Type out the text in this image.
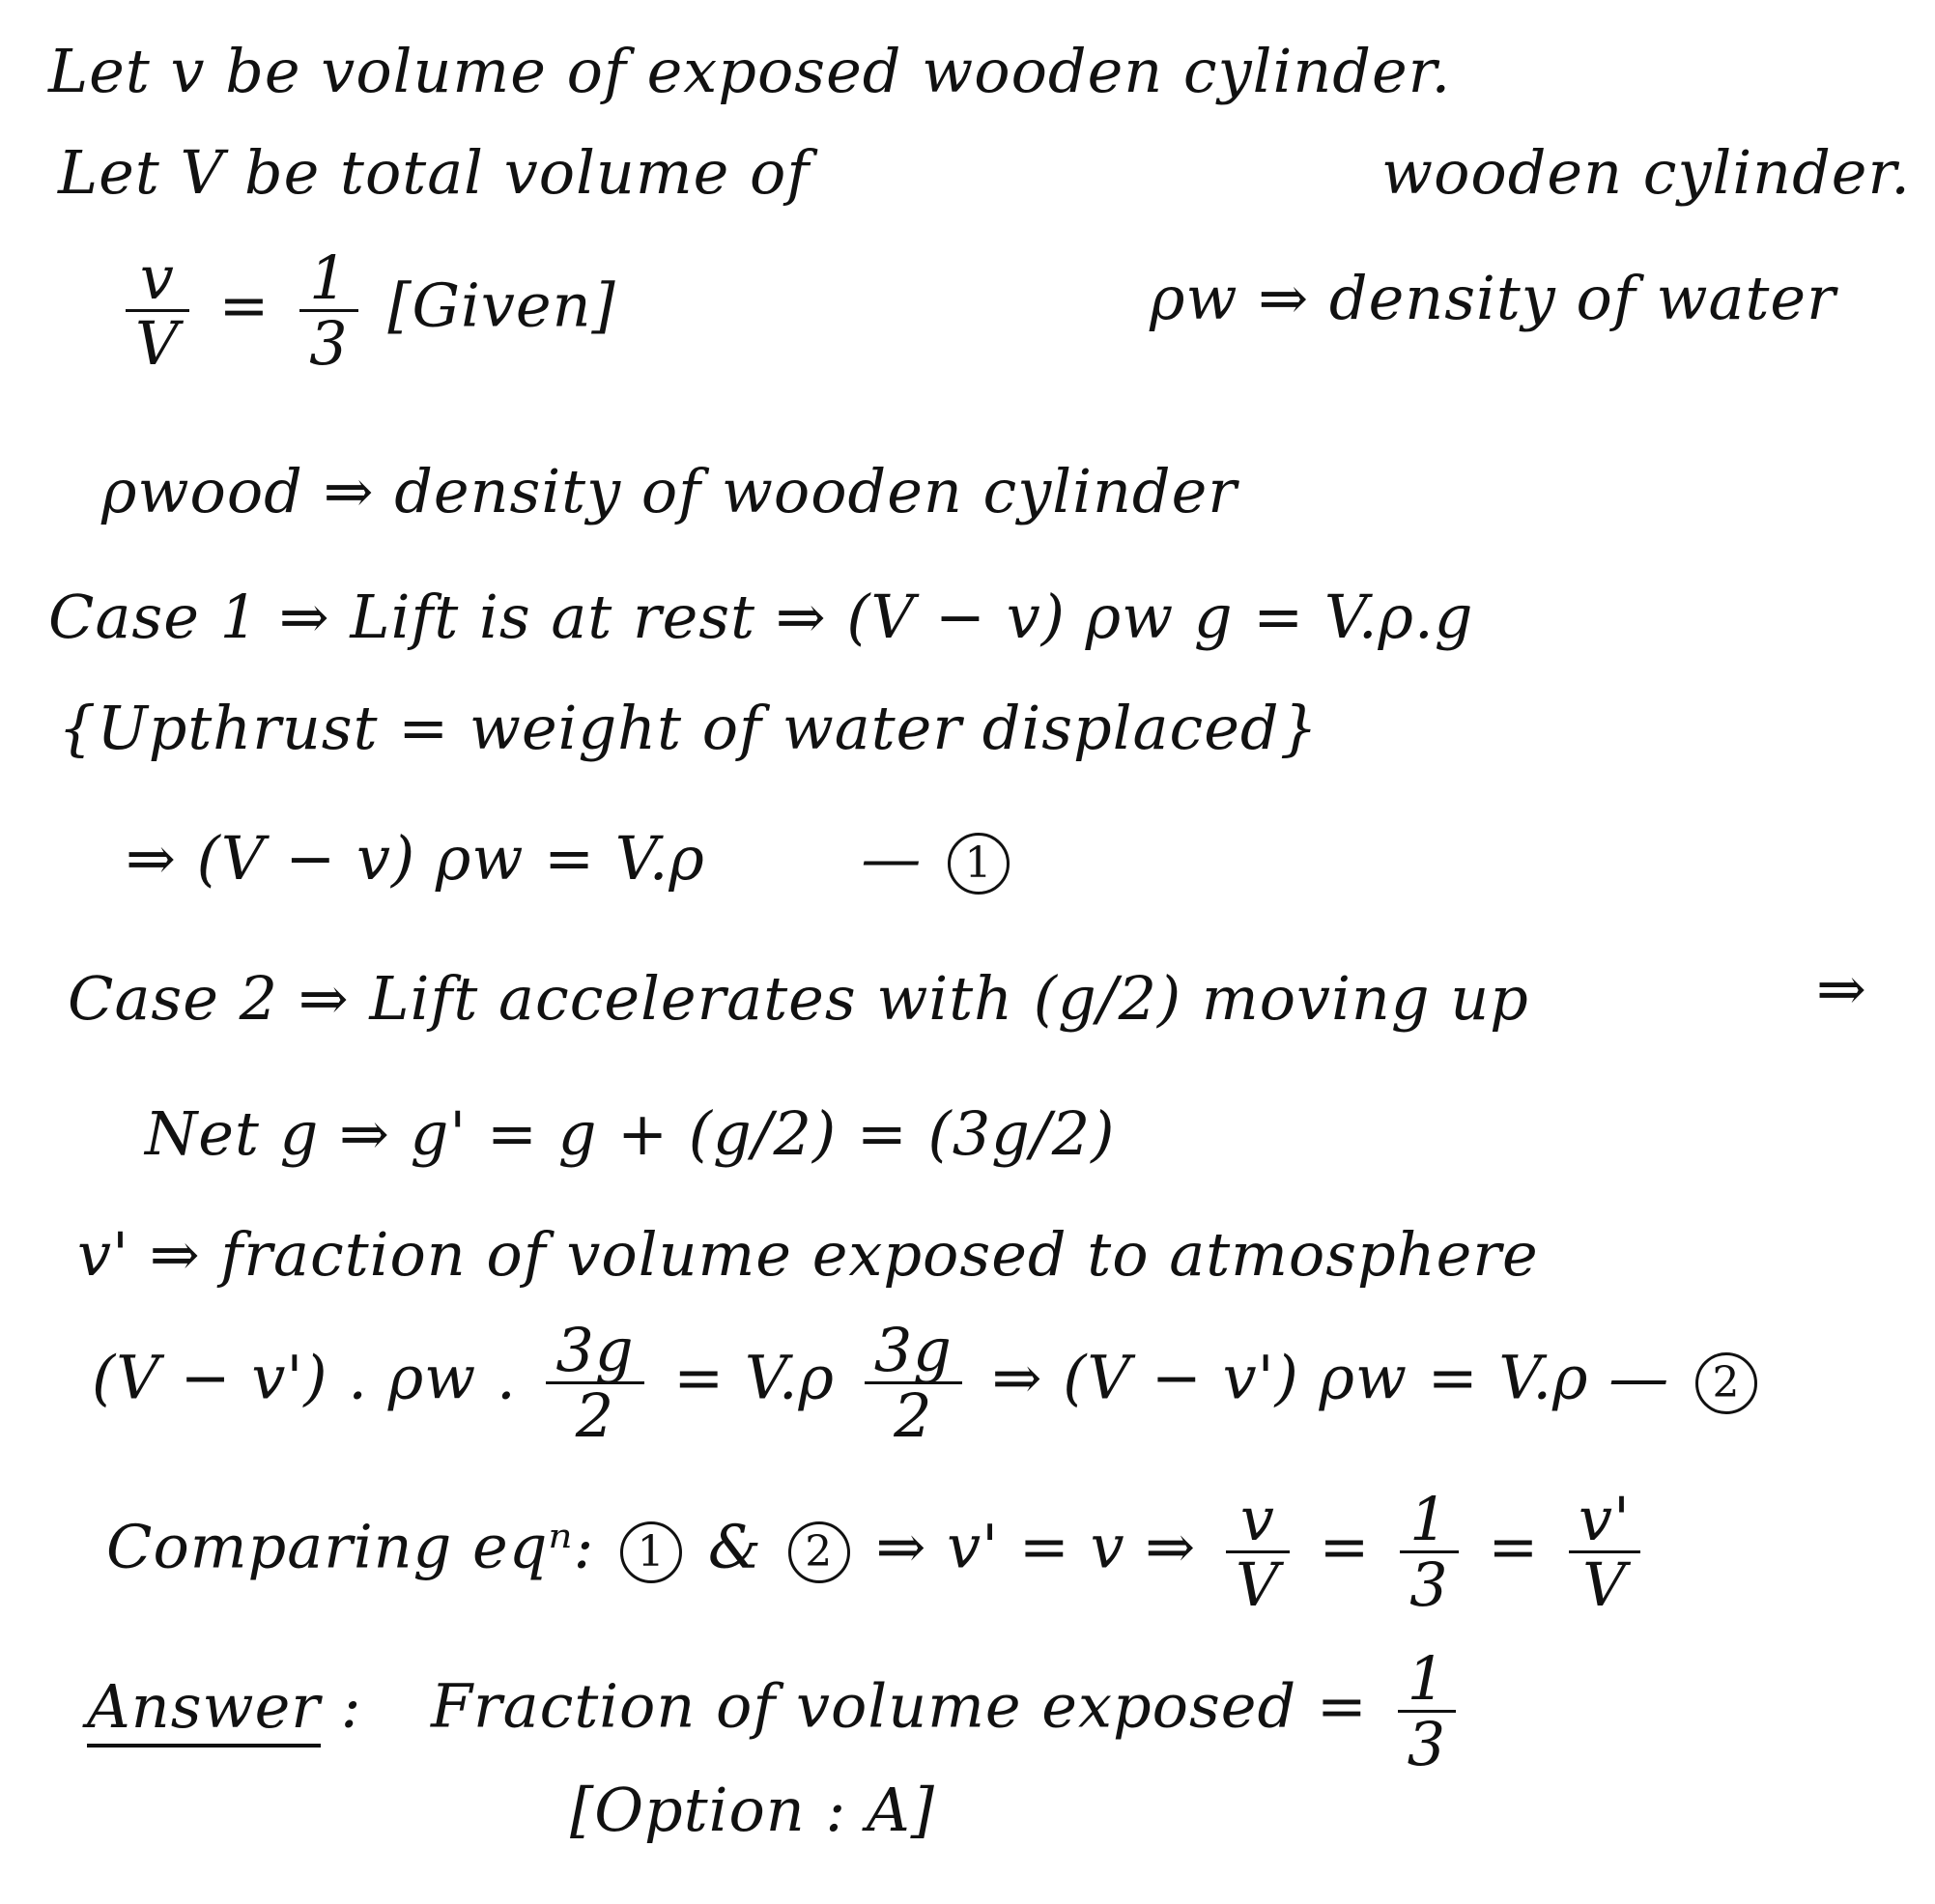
Let v be volume of exposed wooden cylinder.
Let V be total volume of	wooden cylinder.
$\frac{v}{V} = \frac{1}{3}$ [Given]	ρw ⇒ density of water
ρwood ⇒ density of wooden cylinder
Case 1 ⇒ Lift is at rest ⇒ (V − v) ρw g = V.ρ.g
{Upthrust = weight of water displaced}
⇒ (V − v) ρw = V.ρ	— 1
Case 2 ⇒ Lift accelerates with (g/2) moving up	⇒
Net g ⇒ g' = g + (g/2) = (3g/2)
v' ⇒ fraction of volume exposed to atmosphere
(V − v') . ρw . $\frac{3g}{2} = V.\rho \frac{3g}{2}$ ⇒ (V − v') ρw = V.ρ — 2
Comparing eqⁿ: 1 & 2 ⇒ v' = v ⇒ $\frac{v}{V} = \frac{1}{3} = \frac{v'}{V}$
Answer : Fraction of volume exposed = $\frac{1}{3}$
[Option : A]
